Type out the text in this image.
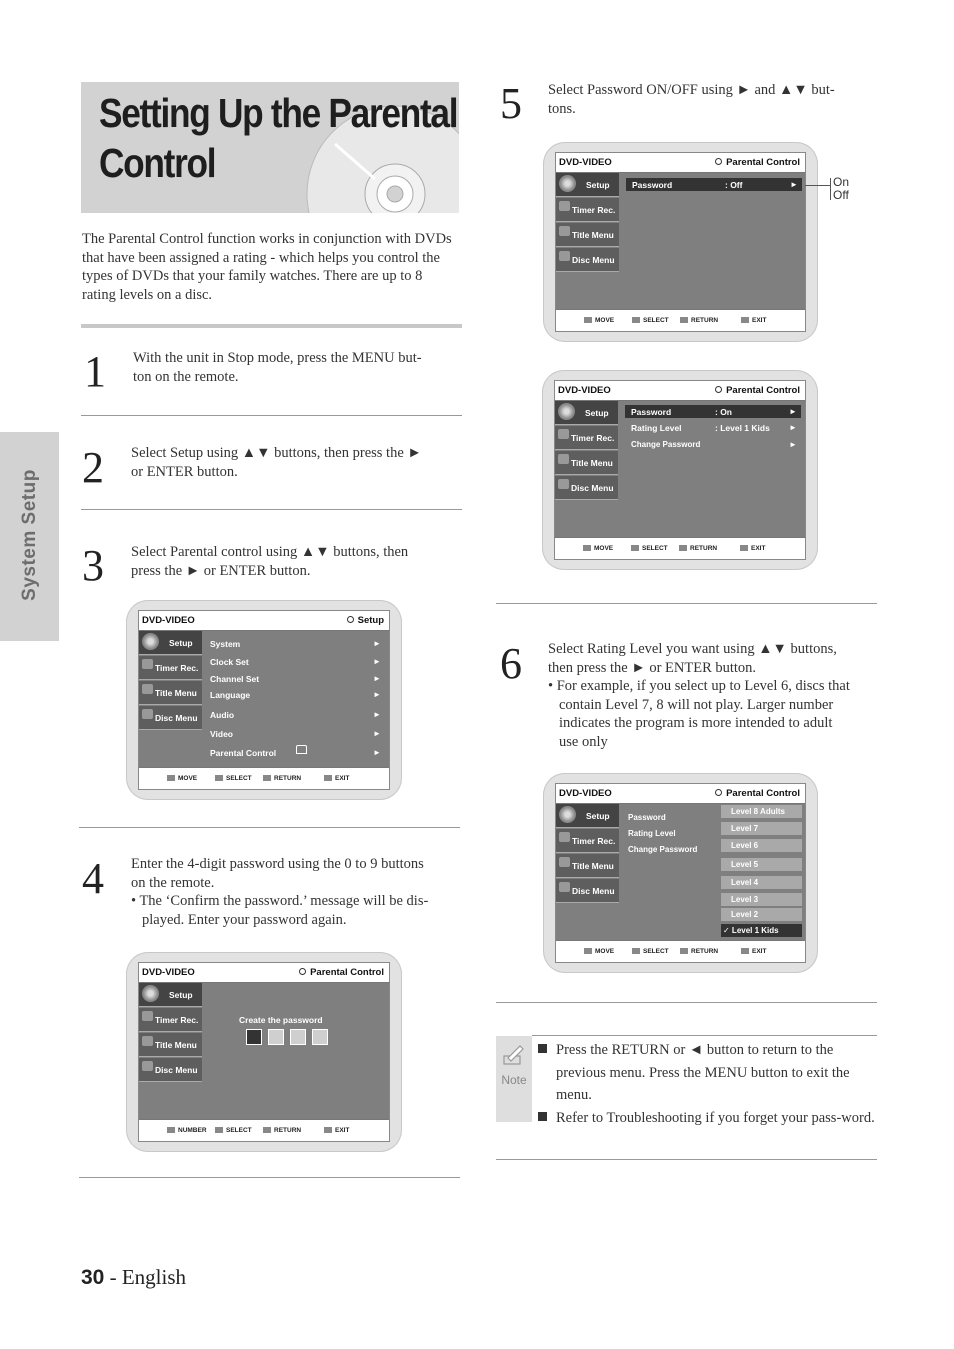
Setting Up the Parental Control
The Parental Control function works in conjunction with DVDs that have been assigned a rating - which helps you control the types of DVDs that your family watches. There are up to 8 rating levels on a disc.
System Setup
1 With the unit in Stop mode, press the MENU but-
ton on the remote.
2 Select Setup using ▲▼ buttons, then press the ►
or ENTER button.
3 Select Parental control using ▲▼ buttons, then
press the ► or ENTER button.
DVD-VIDEO	Setup
Setup
Timer Rec.
Title Menu
Disc Menu
System	►
Clock Set	►
Channel Set	►
Language	►
Audio	►
Video	►
Parental Control	►
MOVE	SELECT	RETURN	EXIT
4 Enter the 4-digit password using the 0 to 9 buttons
on the remote.
• The ‘Confirm the password.’ message will be dis-
played. Enter your password again.
DVD-VIDEO	Parental Control
Setup
Timer Rec.
Title Menu
Disc Menu
Create the password
NUMBER	SELECT	RETURN	EXIT
5 Select Password ON/OFF using ► and ▲▼ but-
tons.
DVD-VIDEO	Parental Control
Setup
Timer Rec.
Title Menu
Disc Menu
Password	: Off	►
MOVE	SELECT	RETURN	EXIT
On
Off
DVD-VIDEO	Parental Control
Setup
Timer Rec.
Title Menu
Disc Menu
Password	: On	►
Rating Level	: Level 1 Kids ►
Change Password	►
MOVE	SELECT	RETURN	EXIT
6 Select Rating Level you want using ▲▼ buttons,
then press the ► or ENTER button.
• For example, if you select up to Level 6, discs that
contain Level 7, 8 will not play. Larger number
indicates the program is more intended to adult
use only
DVD-VIDEO	Parental Control
Setup
Timer Rec.
Title Menu
Disc Menu
Password
Rating Level
Change Password
Level 8 Adults
Level 7
Level 6
Level 5
Level 4
Level 3
Level 2
✓ Level 1 Kids
MOVE	SELECT	RETURN	EXIT
Note

Press the RETURN or ◄ button to return to the previous menu. Press the MENU button to exit the menu.

Refer to Troubleshooting if you forget your pass-word.

30 - English
